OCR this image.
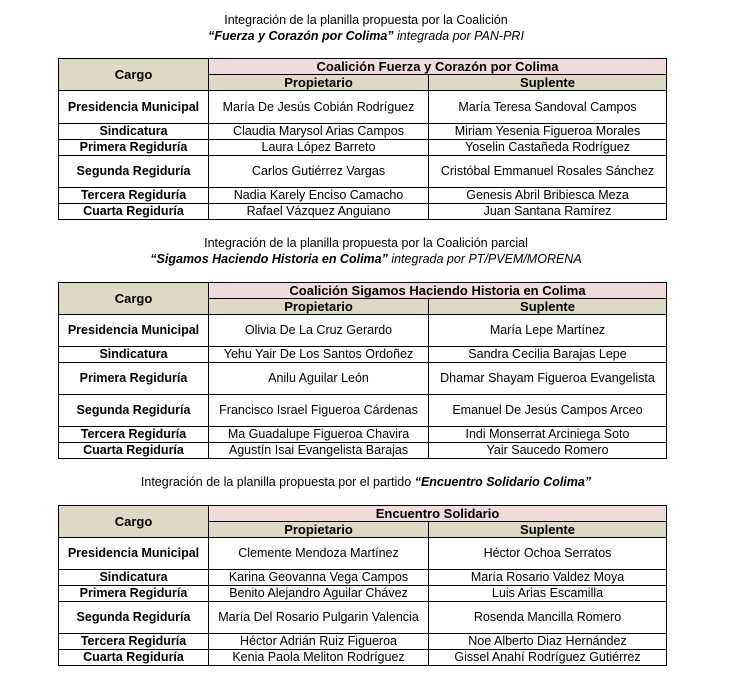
Integración de la planilla propuesta por la Coalición
“Fuerza y Corazón por Colima” integrada por PAN-PRI
Cargo	Coalición Fuerza y Corazón por Colima	
	Propietario	Suplente
Presidencia Municipal	María De Jesús Cobián Rodríguez	María Teresa Sandoval Campos
Sindicatura	Claudia Marysol Arias Campos	Miriam Yesenia Figueroa Morales
Primera Regiduría	Laura López Barreto	Yoselin Castañeda Rodríguez
Segunda Regiduría	Carlos Gutiérrez Vargas	Cristóbal Emmanuel Rosales Sánchez
Tercera Regiduría	Nadia Karely Enciso Camacho	Genesis Abril Bribiesca Meza
Cuarta Regiduría	Rafael Vázquez Anguiano	Juan Santana Ramírez
Integración de la planilla propuesta por la Coalición parcial
“Sigamos Haciendo Historia en Colima” integrada por PT/PVEM/MORENA
Cargo	Coalición Sigamos Haciendo Historia en Colima	
	Propietario	Suplente
Presidencia Municipal	Olivia De La Cruz Gerardo	María Lepe Martínez
Sindicatura	Yehu Yair De Los Santos Ordoñez	Sandra Cecilia Barajas Lepe
Primera Regiduría	Anilu Aguilar León	Dhamar Shayam Figueroa Evangelista
Segunda Regiduría	Francisco Israel Figueroa Cárdenas	Emanuel De Jesús Campos Arceo
Tercera Regiduría	Ma Guadalupe Figueroa Chavira	Indi Monserrat Arciniega Soto
Cuarta Regiduría	Agustín Isai Evangelista Barajas	Yair Saucedo Romero
Integración de la planilla propuesta por el partido “Encuentro Solidario Colima”
Cargo	Encuentro Solidario	
	Propietario	Suplente
Presidencia Municipal	Clemente Mendoza Martínez	Héctor Ochoa Serratos
Sindicatura	Karina Geovanna Vega Campos	María Rosario Valdez Moya
Primera Regiduría	Benito Alejandro Aguilar Chávez	Luis Arias Escamilla
Segunda Regiduría	María Del Rosario Pulgarin Valencia	Rosenda Mancilla Romero
Tercera Regiduría	Héctor Adrián Ruiz Figueroa	Noe Alberto Diaz Hernández
Cuarta Regiduría	Kenia Paola Meliton Rodríguez	Gissel Anahí Rodríguez Gutiérrez
